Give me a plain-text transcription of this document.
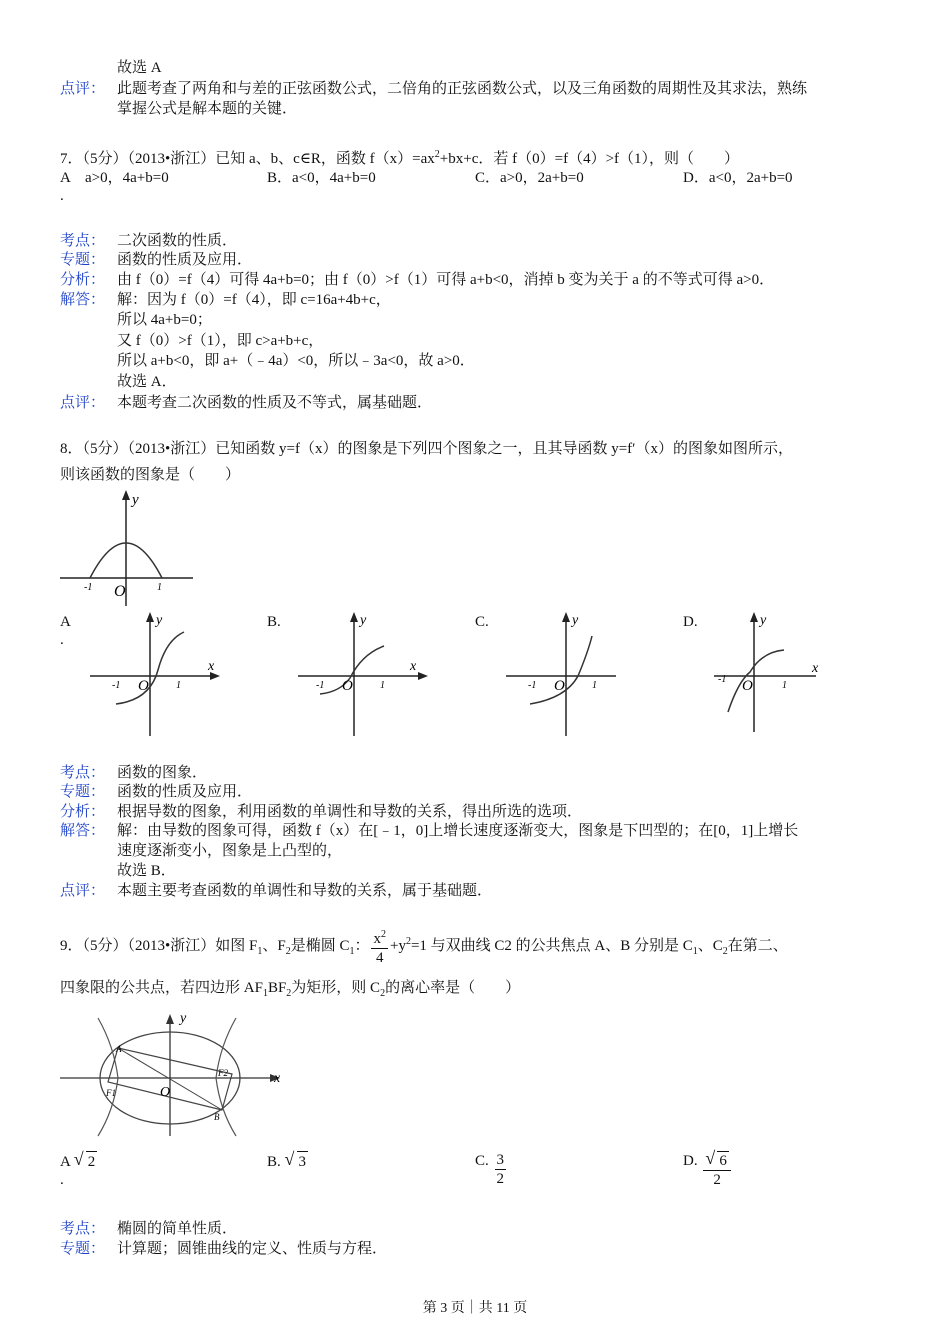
故选 A
点评： 此题考查了两角和与差的正弦函数公式，二倍角的正弦函数公式，以及三角函数的周期性及其求法，熟练
掌握公式是解本题的关键．
7．（5分）（2013•浙江）已知 a、b、c∈R，函数 $f(x)=ax^2+bx+c$．若 f（0）=f（4）>f（1），则（　　）
A　a>0，4a+b=0	B．a<0，4a+b=0	C．a>0，2a+b=0	D．a<0，2a+b=0
.
考点： 二次函数的性质．
专题： 函数的性质及应用．
分析： 由 f（0）=f（4）可得 4a+b=0；由 f（0）>f（1）可得 a+b<0，消掉 b 变为关于 a 的不等式可得 a>0．
解答： 解：因为 f（0）=f（4），即 c=16a+4b+c，
所以 4a+b=0；
又 f（0）>f（1），即 c>a+b+c，
所以 a+b<0，即 a+（﹣4a）<0，所以﹣3a<0，故 a>0．
故选 A．
点评： 本题考查二次函数的性质及不等式，属基础题．
8．（5分）（2013•浙江）已知函数 y=f（x）的图象是下列四个图象之一，且其导函数 y=f′（x）的图象如图所示，
则该函数的图象是（　　）
y
O
-1	1
A
.
B.	C.	D.
y
x
O
-1	1
y
x
O
-1	1
y
O
-1	1
x
y
O
-1
1
考点： 函数的图象．
专题： 函数的性质及应用．
分析： 根据导数的图象，利用函数的单调性和导数的关系，得出所选的选项．
解答： 解：由导数的图象可得，函数 f（x）在[﹣1，0]上增长速度逐渐变大，图象是下凹型的；在[0，1]上增长
速度逐渐变小，图象是上凸型的，
故选 B．
点评： 本题主要考查函数的单调性和导数的关系，属于基础题．
9．（5分）（2013•浙江）如图 $F_1$、$F_2$是椭圆 $C_1$： $\frac{x^2}{4} +y^2=1$ 与双曲线 C2 的公共焦点 A、B 分别是 $C_1$、$C_2$在第二、
四象限的公共点，若四边形 $AF_1BF_2$为矩形，则 $C_2$的离心率是（　　）
y
x
O
A
B
F1
F2
A √ 2
.
B. √ 3	C. $\frac{3}{2}$	D. √ $\frac{6}{2}$
考点： 椭圆的简单性质．
专题： 计算题；圆锥曲线的定义、性质与方程．
第 3 页｜共 11 页
